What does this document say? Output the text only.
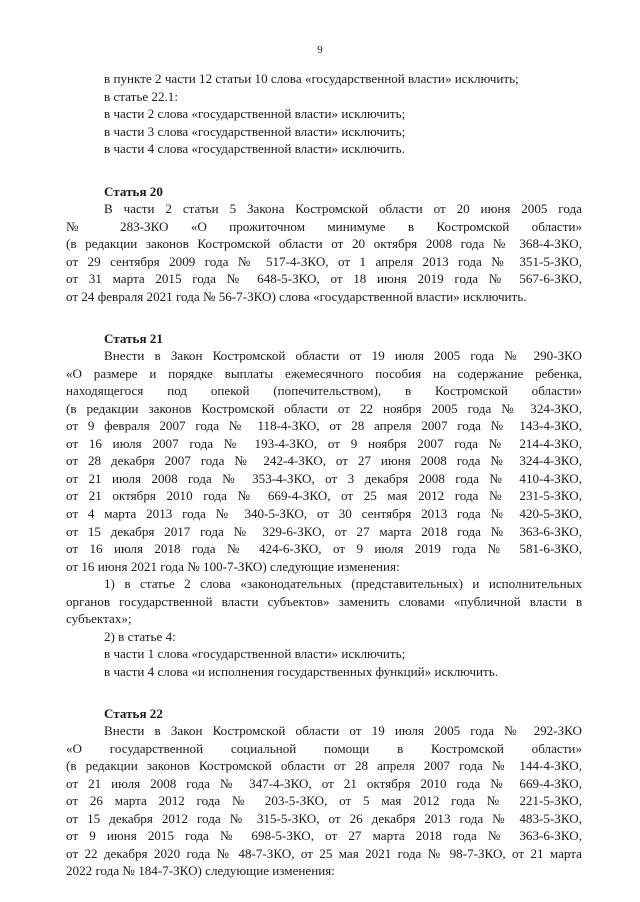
9

в пункте 2 части 12 статьи 10 слова «государственной власти» исключить;

в статье 22.1:

в части 2 слова «государственной власти» исключить;

в части 3 слова «государственной власти» исключить;

в части 4 слова «государственной власти» исключить.

Статья 20

В части 2 статьи 5 Закона Костромской области от 20 июня 2005 года
№ 283-ЗКО «О прожиточном минимуме в Костромской области»
(в редакции законов Костромской области от 20 октября 2008 года № 368-4-ЗКО,
от 29 сентября 2009 года № 517-4-ЗКО, от 1 апреля 2013 года № 351-5-ЗКО,
от 31 марта 2015 года № 648-5-ЗКО, от 18 июня 2019 года № 567-6-ЗКО,
от 24 февраля 2021 года № 56-7-ЗКО) слова «государственной власти» исключить.

Статья 21

Внести в Закон Костромской области от 19 июля 2005 года № 290-ЗКО
«О размере и порядке выплаты ежемесячного пособия на содержание ребенка,
находящегося под опекой (попечительством), в Костромской области»
(в редакции законов Костромской области от 22 ноября 2005 года № 324-ЗКО,
от 9 февраля 2007 года № 118-4-ЗКО, от 28 апреля 2007 года № 143-4-ЗКО,
от 16 июля 2007 года № 193-4-ЗКО, от 9 ноября 2007 года № 214-4-ЗКО,
от 28 декабря 2007 года № 242-4-ЗКО, от 27 июня 2008 года № 324-4-ЗКО,
от 21 июля 2008 года № 353-4-ЗКО, от 3 декабря 2008 года № 410-4-ЗКО,
от 21 октября 2010 года № 669-4-ЗКО, от 25 мая 2012 года № 231-5-ЗКО,
от 4 марта 2013 года № 340-5-ЗКО, от 30 сентября 2013 года № 420-5-ЗКО,
от 15 декабря 2017 года № 329-6-ЗКО, от 27 марта 2018 года № 363-6-ЗКО,
от 16 июля 2018 года № 424-6-ЗКО, от 9 июля 2019 года № 581-6-ЗКО,
от 16 июня 2021 года № 100-7-ЗКО) следующие изменения:
1) в статье 2 слова «законодательных (представительных) и исполнительных
органов государственной власти субъектов» заменить словами «публичной власти в
субъектах»;

2) в статье 4:

в части 1 слова «государственной власти» исключить;

в части 4 слова «и исполнения государственных функций» исключить.

Статья 22

Внести в Закон Костромской области от 19 июля 2005 года № 292-ЗКО
«О государственной социальной помощи в Костромской области»
(в редакции законов Костромской области от 28 апреля 2007 года № 144-4-ЗКО,
от 21 июля 2008 года № 347-4-ЗКО, от 21 октября 2010 года № 669-4-ЗКО,
от 26 марта 2012 года № 203-5-ЗКО, от 5 мая 2012 года № 221-5-ЗКО,
от 15 декабря 2012 года № 315-5-ЗКО, от 26 декабря 2013 года № 483-5-ЗКО,
от 9 июня 2015 года № 698-5-ЗКО, от 27 марта 2018 года № 363-6-ЗКО,
от 22 декабря 2020 года № 48-7-ЗКО, от 25 мая 2021 года № 98-7-ЗКО, от 21 марта
2022 года № 184-7-ЗКО) следующие изменения:
